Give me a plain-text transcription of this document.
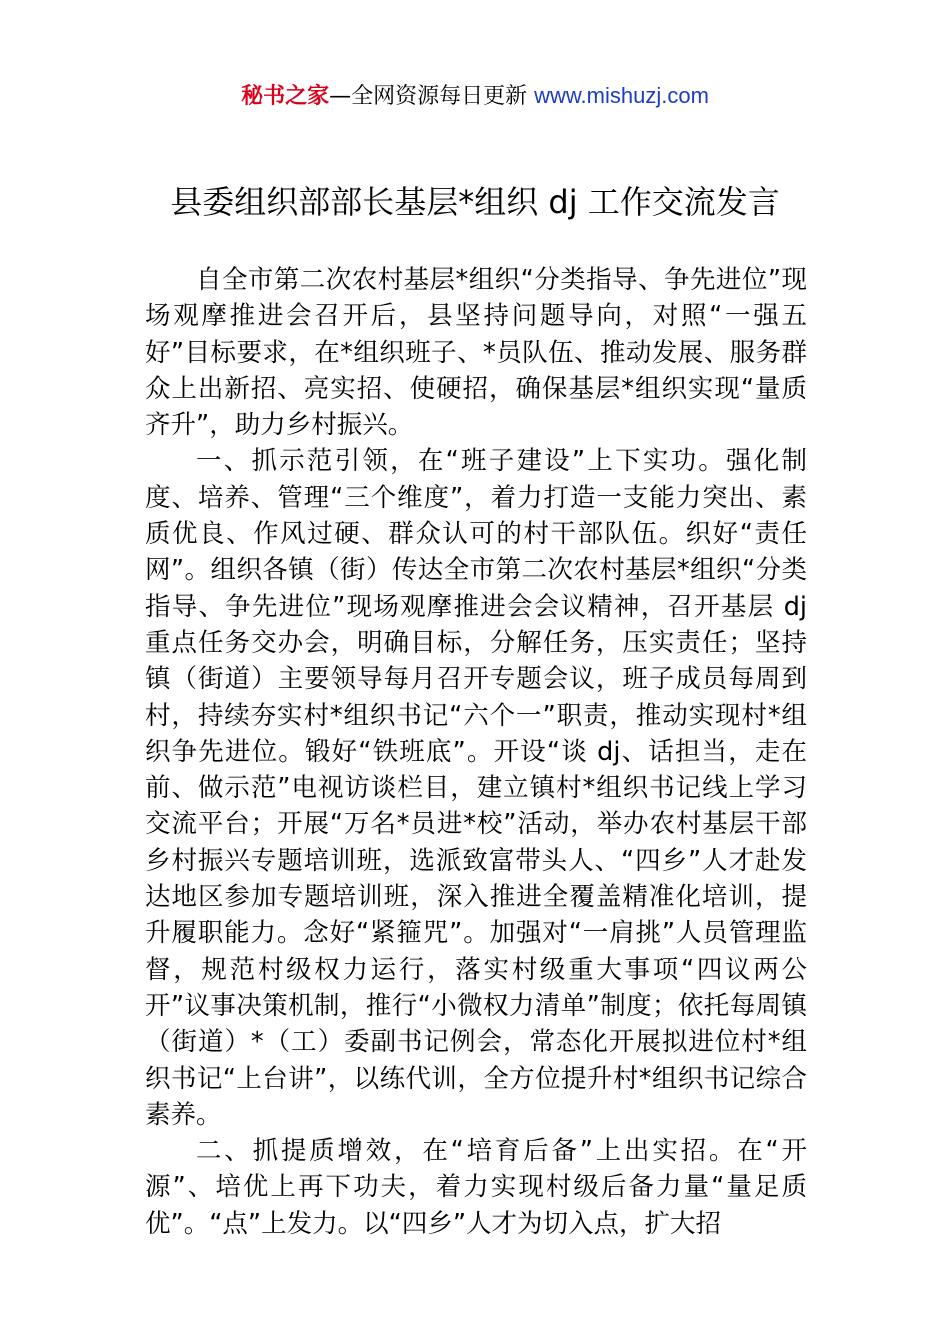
秘书之家—全网资源每日更新 www.mishuzj.com
县委组织部部长基层*组织 dj 工作交流发言

自全市第二次农村基层*组织“分类指导、争先进位”现场观摩推进会召开后，县坚持问题导向，对照“一强五好”目标要求，在*组织班子、*员队伍、推动发展、服务群众上出新招、亮实招、使硬招，确保基层*组织实现“量质齐升”，助力乡村振兴。

一、抓示范引领，在“班子建设”上下实功。强化制度、培养、管理“三个维度”，着力打造一支能力突出、素质优良、作风过硬、群众认可的村干部队伍。织好“责任网”。组织各镇（街）传达全市第二次农村基层*组织“分类指导、争先进位”现场观摩推进会会议精神，召开基层 dj 重点任务交办会，明确目标，分解任务，压实责任；坚持镇（街道）主要领导每月召开专题会议，班子成员每周到村，持续夯实村*组织书记“六个一”职责，推动实现村*组织争先进位。锻好“铁班底”。开设“谈 dj、话担当，走在前、做示范”电视访谈栏目，建立镇村*组织书记线上学习交流平台；开展“万名*员进*校”活动，举办农村基层干部乡村振兴专题培训班，选派致富带头人、“四乡”人才赴发达地区参加专题培训班，深入推进全覆盖精准化培训，提升履职能力。念好“紧箍咒”。加强对“一肩挑”人员管理监督，规范村级权力运行，落实村级重大事项“四议两公开”议事决策机制，推行“小微权力清单”制度；依托每周镇（街道）*（工）委副书记例会，常态化开展拟进位村*组织书记“上台讲”，以练代训，全方位提升村*组织书记综合素养。

二、抓提质增效，在“培育后备”上出实招。在“开源”、培优上再下功夫，着力实现村级后备力量“量足质优”。“点”上发力。以“四乡”人才为切入点，扩大招
